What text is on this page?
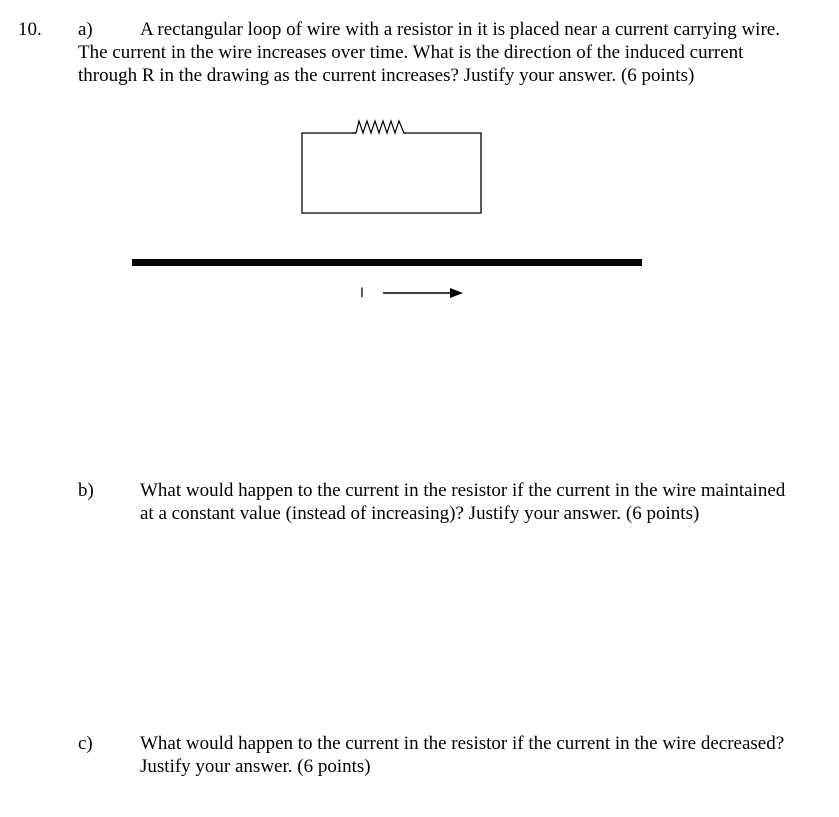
10. a)	A rectangular loop of wire with a resistor in it is placed near a current carrying wire. The current in the wire increases over time. What is the direction of the induced current through R in the drawing as the current increases? Justify your answer. (6 points)
I
b) What would happen to the current in the resistor if the current in the wire maintained at a constant value (instead of increasing)? Justify your answer. (6 points)
c) What would happen to the current in the resistor if the current in the wire decreased? Justify your answer. (6 points)
